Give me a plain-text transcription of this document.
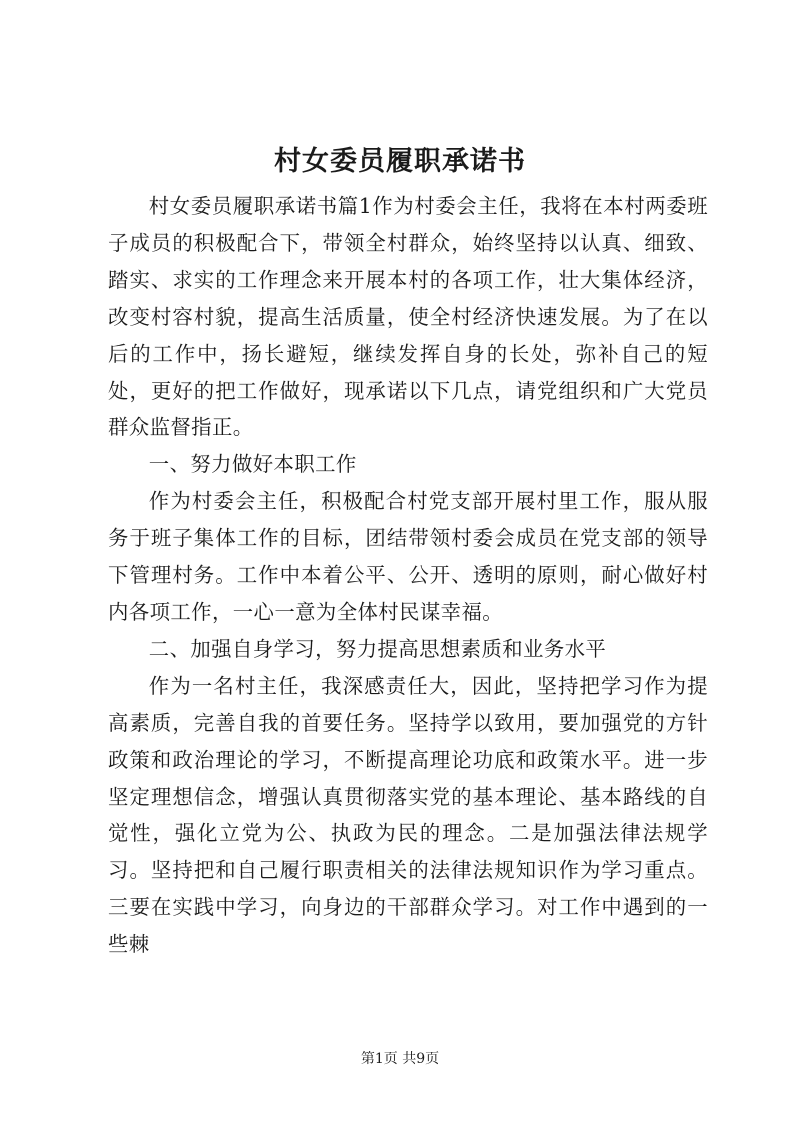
村女委员履职承诺书

村女委员履职承诺书篇1作为村委会主任，我将在本村两委班子成员的积极配合下，带领全村群众，始终坚持以认真、细致、踏实、求实的工作理念来开展本村的各项工作，壮大集体经济，改变村容村貌，提高生活质量，使全村经济快速发展。为了在以后的工作中，扬长避短，继续发挥自身的长处，弥补自己的短处，更好的把工作做好，现承诺以下几点，请党组织和广大党员群众监督指正。

一、努力做好本职工作

作为村委会主任，积极配合村党支部开展村里工作，服从服务于班子集体工作的目标，团结带领村委会成员在党支部的领导下管理村务。工作中本着公平、公开、透明的原则，耐心做好村内各项工作，一心一意为全体村民谋幸福。

二、加强自身学习，努力提高思想素质和业务水平

作为一名村主任，我深感责任大，因此，坚持把学习作为提高素质，完善自我的首要任务。坚持学以致用，要加强党的方针政策和政治理论的学习，不断提高理论功底和政策水平。进一步坚定理想信念，增强认真贯彻落实党的基本理论、基本路线的自觉性，强化立党为公、执政为民的理念。二是加强法律法规学习。坚持把和自己履行职责相关的法律法规知识作为学习重点。三要在实践中学习，向身边的干部群众学习。对工作中遇到的一些棘

第1页 共9页
